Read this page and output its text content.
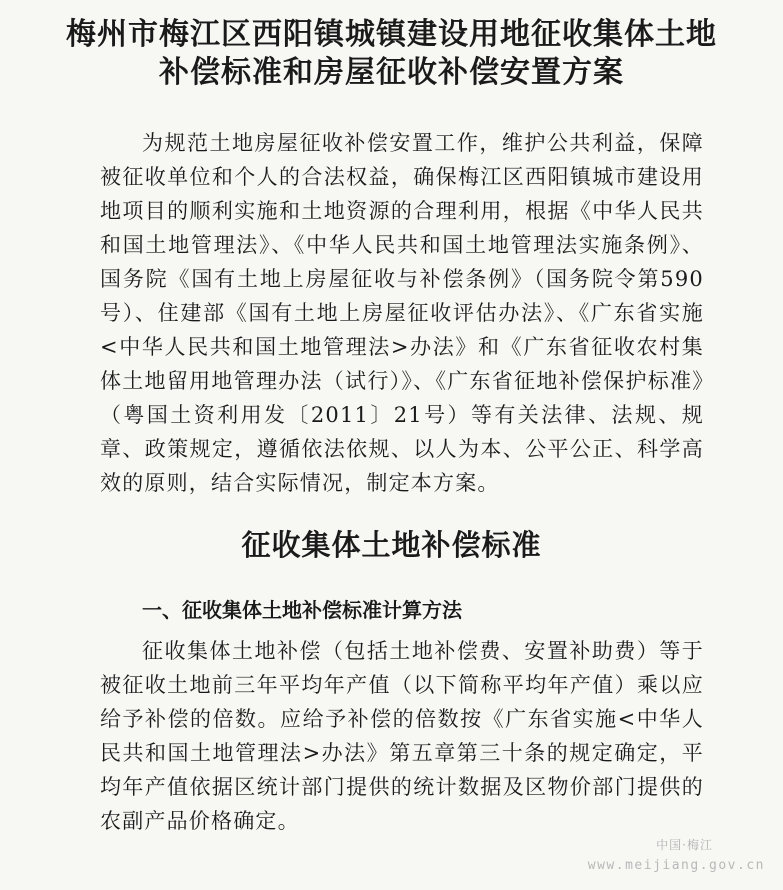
梅州市梅江区西阳镇城镇建设用地征收集体土地
补偿标准和房屋征收补偿安置方案
为规范土地房屋征收补偿安置工作，维护公共利益，保障被征收单位和个人的合法权益，确保梅江区西阳镇城市建设用地项目的顺利实施和土地资源的合理利用，根据《中华人民共和国土地管理法》、《中华人民共和国土地管理法实施条例》、国务院《国有土地上房屋征收与补偿条例》（国务院令第590号）、住建部《国有土地上房屋征收评估办法》、《广东省实施<中华人民共和国土地管理法>办法》和《广东省征收农村集体土地留用地管理办法（试行）》、《广东省征地补偿保护标准》（粤国土资利用发〔2011〕21号）等有关法律、法规、规章、政策规定，遵循依法依规、以人为本、公平公正、科学高效的原则，结合实际情况，制定本方案。
征收集体土地补偿标准
一、征收集体土地补偿标准计算方法
征收集体土地补偿（包括土地补偿费、安置补助费）等于被征收土地前三年平均年产值（以下简称平均年产值）乘以应给予补偿的倍数。应给予补偿的倍数按《广东省实施<中华人民共和国土地管理法>办法》第五章第三十条的规定确定，平均年产值依据区统计部门提供的统计数据及区物价部门提供的农副产品价格确定。
中国·梅江
www.meijiang.gov.cn
